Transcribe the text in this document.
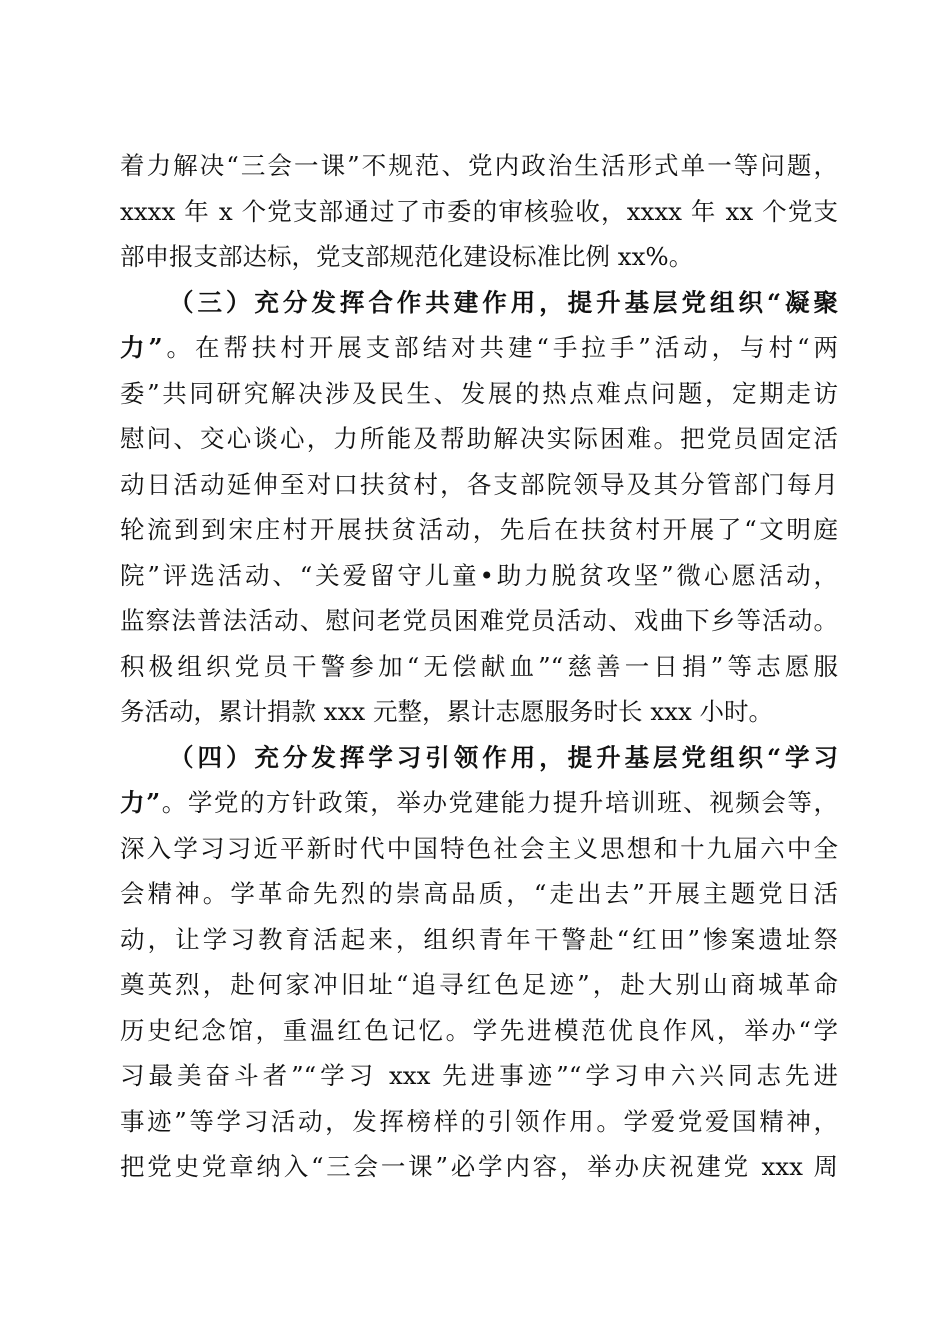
着力解决“三会一课”不规范、党内政治生活形式单一等问题，
xxxx 年 x 个党支部通过了市委的审核验收，xxxx 年 xx 个党支
部申报支部达标，党支部规范化建设标准比例 xx%。
（三）充分发挥合作共建作用，提升基层党组织“凝聚
力”。在帮扶村开展支部结对共建“手拉手”活动，与村“两
委”共同研究解决涉及民生、发展的热点难点问题，定期走访
慰问、交心谈心，力所能及帮助解决实际困难。把党员固定活
动日活动延伸至对口扶贫村，各支部院领导及其分管部门每月
轮流到到宋庄村开展扶贫活动，先后在扶贫村开展了“文明庭
院”评选活动、“关爱留守儿童•助力脱贫攻坚”微心愿活动，
监察法普法活动、慰问老党员困难党员活动、戏曲下乡等活动。
积极组织党员干警参加“无偿献血”“慈善一日捐”等志愿服
务活动，累计捐款 xxx 元整，累计志愿服务时长 xxx 小时。
（四）充分发挥学习引领作用，提升基层党组织“学习
力”。学党的方针政策，举办党建能力提升培训班、视频会等，
深入学习习近平新时代中国特色社会主义思想和十九届六中全
会精神。学革命先烈的崇高品质，“走出去”开展主题党日活
动，让学习教育活起来，组织青年干警赴“红田”惨案遗址祭
奠英烈，赴何家冲旧址“追寻红色足迹”，赴大别山商城革命
历史纪念馆，重温红色记忆。学先进模范优良作风，举办“学
习最美奋斗者”“学习 xxx 先进事迹”“学习申六兴同志先进
事迹”等学习活动，发挥榜样的引领作用。学爱党爱国精神，
把党史党章纳入“三会一课”必学内容，举办庆祝建党 xxx 周
